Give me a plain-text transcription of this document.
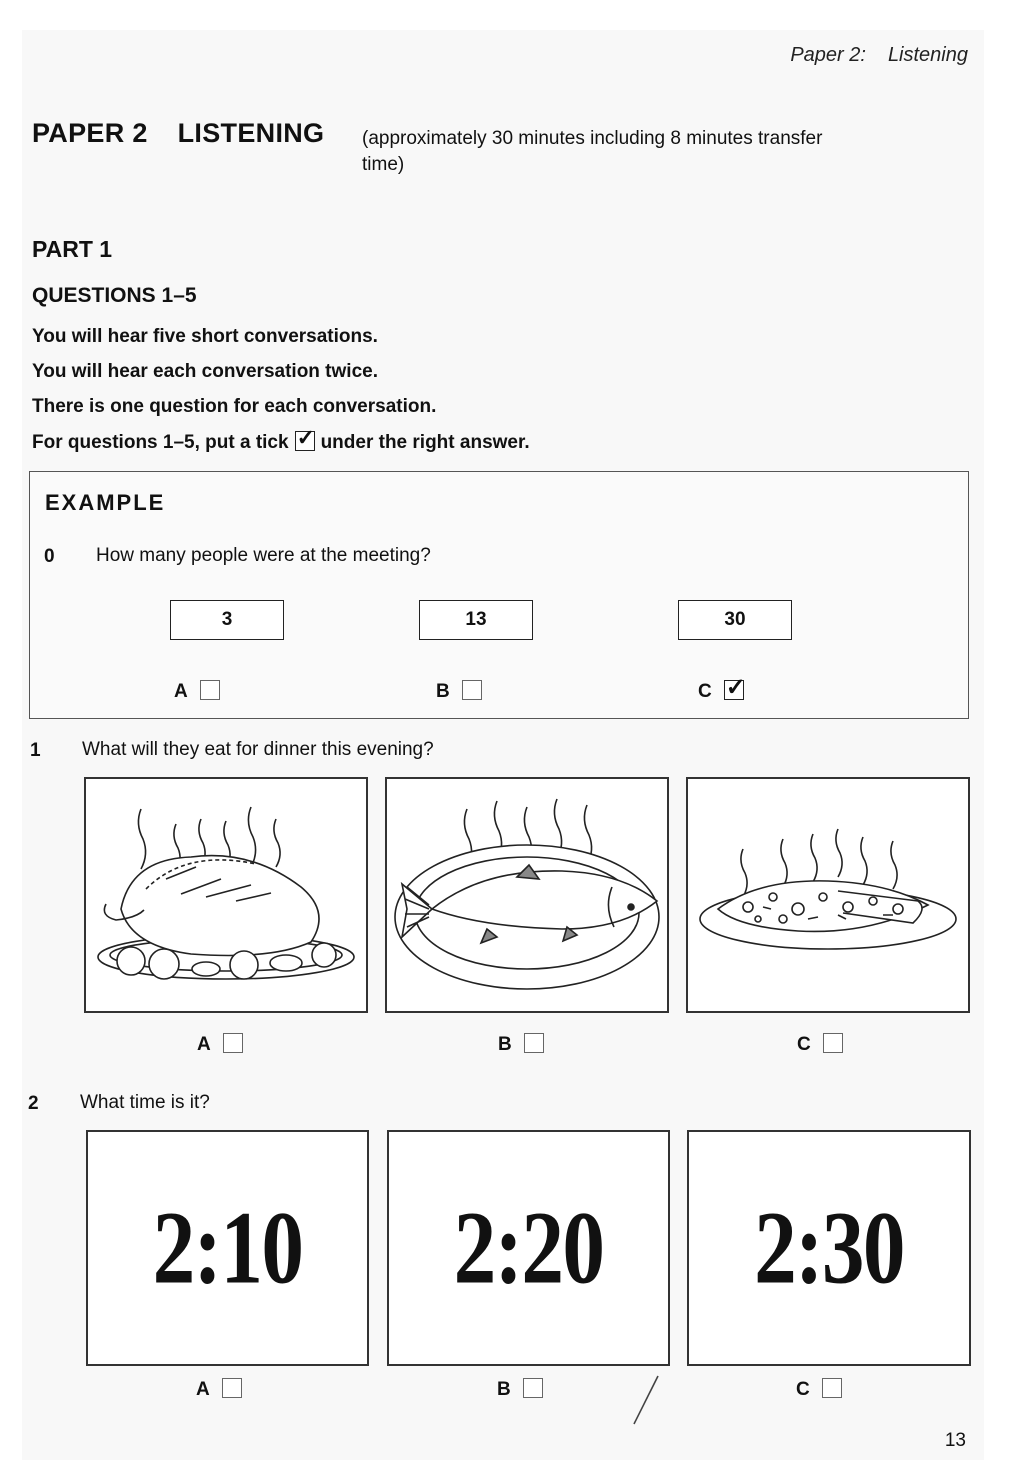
Paper 2: Listening
PAPER 2 LISTENING (approximately 30 minutes including 8 minutes transfer time)
PART 1
QUESTIONS 1–5
You will hear five short conversations.
You will hear each conversation twice.
There is one question for each conversation.
For questions 1–5, put a tick✓ under the right answer.
EXAMPLE
0 How many people were at the meeting?
3	13	30
A	B	C✓
1 What will they eat for dinner this evening?
A	B	C
2 What time is it?
2:10	2:20	2:30
A	B	C
13
